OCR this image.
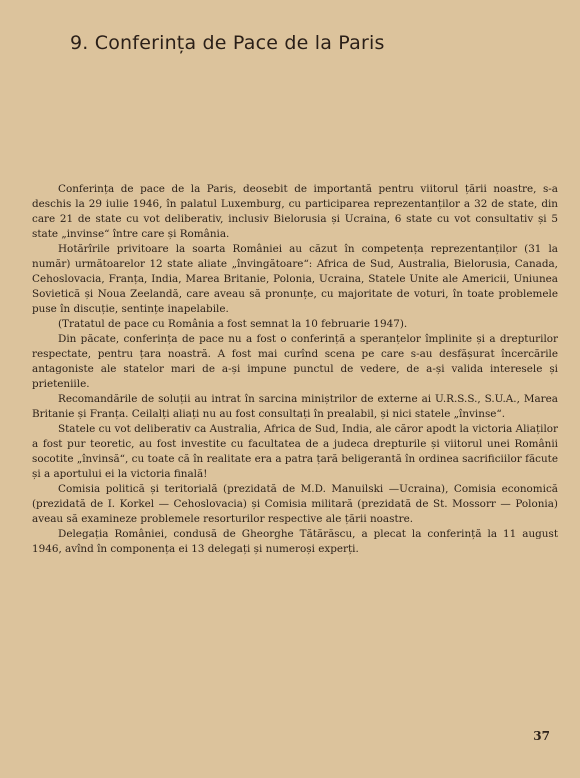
9. Conferința de Pace de la Paris

Conferința de pace de la Paris, deosebit de importantă pentru viitorul țării noastre, s-a deschis la 29 iulie 1946, în palatul Luxemburg, cu participarea reprezentanților a 32 de state, din care 21 de state cu vot deliberativ, inclusiv Bielorusia și Ucraina, 6 state cu vot consultativ și 5 state „invinse“ între care și România.

Hotărîrile privitoare la soarta României au căzut în competența reprezentanților (31 la număr) următoarelor 12 state aliate „învingătoare“: Africa de Sud, Australia, Bielorusia, Canada, Cehoslovacia, Franța, India, Marea Britanie, Polonia, Ucraina, Statele Unite ale Americii, Uniunea Sovietică și Noua Zeelandă, care aveau să pronunțe, cu majoritate de voturi, în toate problemele puse în discuție, sentințe inapelabile.

(Tratatul de pace cu România a fost semnat la 10 februarie 1947).

Din păcate, conferința de pace nu a fost o conferință a speranțelor împlinite și a drepturilor respectate, pentru țara noastră. A fost mai curînd scena pe care s-au desfășurat încercările antagoniste ale statelor mari de a-și impune punctul de vedere, de a-și valida interesele și prieteniile.

Recomandările de soluții au intrat în sarcina miniștrilor de externe ai U.R.S.S., S.U.A., Marea Britanie și Franța. Ceilalți aliați nu au fost consultați în prealabil, și nici statele „învinse“.

Statele cu vot deliberativ ca Australia, Africa de Sud, India, ale căror apodt la victoria Aliaților a fost pur teoretic, au fost investite cu facultatea de a judeca drepturile și viitorul unei Românii socotite „învinsă“, cu toate că în realitate era a patra țară beligerantă în ordinea sacrificiilor făcute și a aportului ei la victoria finală!

Comisia politică și teritorială (prezidată de M.D. Manuilski —Ucraina), Comisia economică (prezidată de I. Korkel — Cehoslovacia) și Comisia militară (prezidată de St. Mossorr — Polonia) aveau să examineze problemele resorturilor respective ale țării noastre.

Delegația României, condusă de Gheorghe Tătărăscu, a plecat la conferință la 11 august 1946, avînd în componența ei 13 delegați și numeroși experți.

37
